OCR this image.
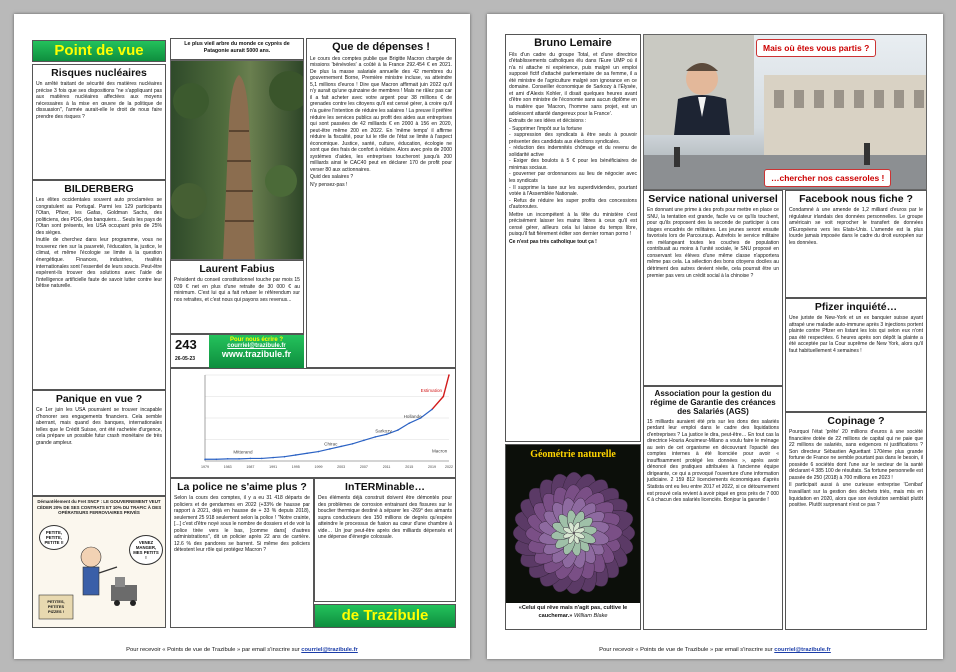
Point de vue
Risques nucléaires
Un arrêté traitant de sécurité des matières nucléaires précise 3 fois que ses dispositions "ne s'appliquant pas aux matières nucléaires affectées aux moyens nécessaires à la mise en œuvre de la politique de dissuasion", l'armée aurait-elle le droit de nous faire prendre des risques ?
BILDERBERG

Les élites occidentales souvent auto proclamées se congratulent au Portugal. Parmi les 129 participants l'Otan, Pfizer, les Gafas, Goldman Sachs, des politiciens, des PDG, des banquiers… Seuls les pays de l'Otan sont présents, les USA occupant près de 25% des sièges.

Inutile de cherchez dans leur programme, vous ne trouverez rien sur la pauvreté, l'éducation, la justice, le climat, et même l'écologie se limite à la question énergétique. Finances, industries, rivalités internationales sont l'essentiel de leurs soucis. Peut-être espèrent-ils trouver des solutions avec l'aide de l'intelligence artificielle faute de savoir lutter contre leur bêtise naturelle.

Panique en vue ?
Ce 1er juin les USA pourraient se trouver incapable d'honorer ses engagements financiers. Cela semble aberrant, mais quand des banques, internationales telles que le Crédit Suisse, ont été rachetée d'urgence, cela prépare un possible futur crash monétaire de très grande ampleur.
Démantèlement du Fret SNCF : LE GOUVERNEMENT VEUT CÉDER 20% DE SES CONTRATS ET 10% DU TRAFIC À DES OPÉRATEURS FERROVIAIRES PRIVÉS
PETITE, PETITE, PETITE !!	VENEZ MANGER, MES PETITS !
PETITES, PETITES PIZZES !
Le plus vieil arbre du monde ce cyprès de Patagonie aurait 5000 ans.
Laurent Fabius
Président du conseil constitutionnel touche par mois 15 039 € net en plus d'une retraite de 30 000 € au minimum. C'est lui qui a fait refuser le référendum sur nos retraites, et c'est nous qui payons ses revenus...
243
26-05-23
Pour nous écrire ?
courriel@trazibule.fr
www.trazibule.fr
1979	1983	1987	1991	1995	1999	2003	2007	2011	2015	2019	2022
Mitterand
Chirac
Sarkozy
Hollande
Macron
Estimation
Que de dépenses !

Le cours des comptes publie que Brigitte Macron chargée de missions 'bénévoles' a coûté à la France 292.454 € en 2021. De plus la masse salariale annuelle des 42 membres du gouvernement Borne, Première ministre incluse, va atteindre 5,1 millions d'euros ! Dire que Macron affirmait juin 2022 qu'il n'y aurait qu'une quinzaine de membres ! Mais ne râlez pas car il a fait acheter avec votre argent pour 38 millions € de grenades contre les citoyens qu'il est censé gérer, à croire qu'il n'a guère l'intention de réduire les salaires ! La preuve il préfère réduire les services publics au profit des aides aux entreprises qui sont passées de 42 milliards € en 2000 à 156 en 2020, peut-être même 200 en 2022. En 'même temps' il affirme réduire la fiscalité, pour lui le rôle de l'état se limite à l'aspect économique. Justice, santé, culture, éducation, écologie ne sont que des frais de confort à réduire. Alors avec près de 2000 systèmes d'aides, les entreprises toucheront jusqu'à 200 milliards ainsi le CAC40 peut en déclarer 170 de profit pour verser 80 aux actionnaires.

Quid des salaires ?

N'y pensez-pas !

La police ne s'aime plus ?
Selon la cours des comptes, il y a eu 31 418 départs de policiers et de gendarmes en 2022 (+33% de hausse par rapport à 2021, déjà en hausse de + 33 % depuis 2018), seulement 25 918 seulement selon la police ! "Notre crainte, [...] c'est d'être noyé sous le nombre de dossiers et de voir la police tirée vers le bas, [comme dans] d'autres administrations", dit un policier après 22 ans de carrière. 12.6 % des pandores se barrent. Si même des policiers détestent leur rôle qui protégez Macron ?
InTERMinable…
Des éléments déjà construit doivent être démontés pour des problèmes de corrosion entrainant des fissures sur le bouclier thermique destiné à séparer les -269° des aimants supra conducteurs des 150 millions de degrés qu'espère atteindre le processus de fusion au cœur d'une chambre à vide… Un jour peut-être après des milliards dépensés et une dépense d'énergie colossale.
de Trazibule
Pour recevoir « Points de vue de Trazibule » par email s'inscrire sur courriel@trazibule.fr
Bruno Lemaire

Fils d'un cadre du groupe Total, et d'une directrice d'établissements catholiques élu dans l'Eure UMP où il n'a ni attache ni expérience, puis malgré un emploi supposé fictif d'attaché parlementaire de sa femme, il a été ministre de l'agriculture malgré son ignorance en ce domaine. Conseiller économique de Sarkozy à l'Élysée, et ami d'Alexis Kohler, il disait quelques heures avant d'être son ministre de l'économie sans aucun diplôme en la matière que 'Macron, l'homme sans projet, est un adolescent attardé dangereux pour la France'.

Extraits de ses idées et décisions :

- Supprimer l'impôt sur la fortune

- suppression des syndicats à être seuls à pouvoir présenter des candidats aux élections syndicales.

- réduction des indemnités chômage et du revenu de solidarité active

- Exiger des boulots à 5 € pour les bénéficiaires de minimas sociaux.

- gouverner par ordonnances au lieu de négocier avec les syndicats

- Il supprime la taxe sur les superdividendes, pourtant votée à l'Assemblée Nationale.

- Refus de réduire les super profits des concessions d'autoroutes.

Mettre un incompétent à la tête du ministère c'est précisément laisser les mains libres à ceux qu'il est censé gérer, ailleurs cela lui laisse du temps libre, puisqu'il fait fièrement éditer son dernier roman porno !

Ce n'est pas très catholique tout ça !

Mais où êtes vous partis ?
…chercher nos casseroles !
Service national universel
En donnant une prime à des profs pour mettre en place ce SNU, la tentation est grande, facile vu ce qu'ils touchent, pour qu'ils proposent des la seconde de participer à ces stages encadrés de militaires. Les jeunes seront ensuite favorisés lors de Parcoursup. Autrefois le service militaire en mélangeant toutes les couches de population contribuait au moins à l'unité sociale, le SNU proposé en conservant les élèves d'une même classe n'apportera même pas cela. La sélection des bons citoyens dociles au détriment des autres devient réelle, cela pourrait être un premier pas vers un crédit social à la chinoise ?
Facebook nous fiche ?
Condamné à une amende de 1,2 milliard d'euros par le régulateur irlandais des données personnelles. Le groupe américain se voit reprocher le transfert de données d'Européens vers les Etats-Unis. L'amende est la plus lourde jamais imposée dans le cadre du droit européen sur les données.
Pfizer inquiété…
Une juriste de New-York et un ex banquier suisse ayant attrapé une maladie auto-immune après 3 injections portent plainte contre Pfizer en listant les lois qui selon eux n'ont pas été respectées. 6 heures après son dépôt la plainte a été acceptée par la Cour suprême de New York, alors qu'il faut habituellement 4 semaines !
Association pour la gestion du régime de Garantie des créances des Salariés (AGS)
15 milliards auraient été pris sur les dons des salariés perdant leur emploi dans le cadre des liquidations d'entreprises ? La justice le dira, peut-être… En tout cas la directrice Houria Aouimeur-Milano a voulu faire le ménage au sein de cet organisme en découvrant l'opacité des comptes internes à été licenciée pour avoir « insuffisamment protégé les données », après avoir dénoncé des pratiques attribuées à l'ancienne équipe dirigeante, ce qui a provoqué l'ouverture d'une information judiciaire. 2 159 812 licenciements économiques d'après Statista ont eu lieu entre 2017 et 2022, si ce détournement est prouvé cela revient à avoir piqué en gros près de 7 000 € à chacun des salariés licenciés. Bonjour la garantie !
Copinage ?

Pourquoi l'état 'prête' 20 millions d'euros à une société financière dotée de 22 millions de capital qui ne paie que 22 millions de salariés, sans exigences ni justifications ? Son directeur Sébastien Aguettant 170ème plus grande fortune de France ne semble pourtant pas dans le besoin, il possède 6 sociétés dont l'une sur le secteur de la santé déclarant 4 385 100 de résultats. Sa fortune personnelle est passée de 250 (2018) à 700 millions en 2023 !

Il participait aussi à une curieuse entreprise 'Cenibat' travaillant sur la gestion des déchets triés, mais mis en liquidation en 2020, alors que son évolution semblait plutôt positive. Plutôt surprenant n'est ce pas ?

Géométrie naturelle
«Celui qui rêve mais n'agit pas, cultive le cauchemar.» William Blake
Pour recevoir « Points de vue de Trazibule » par email s'inscrire sur courriel@trazibule.fr
